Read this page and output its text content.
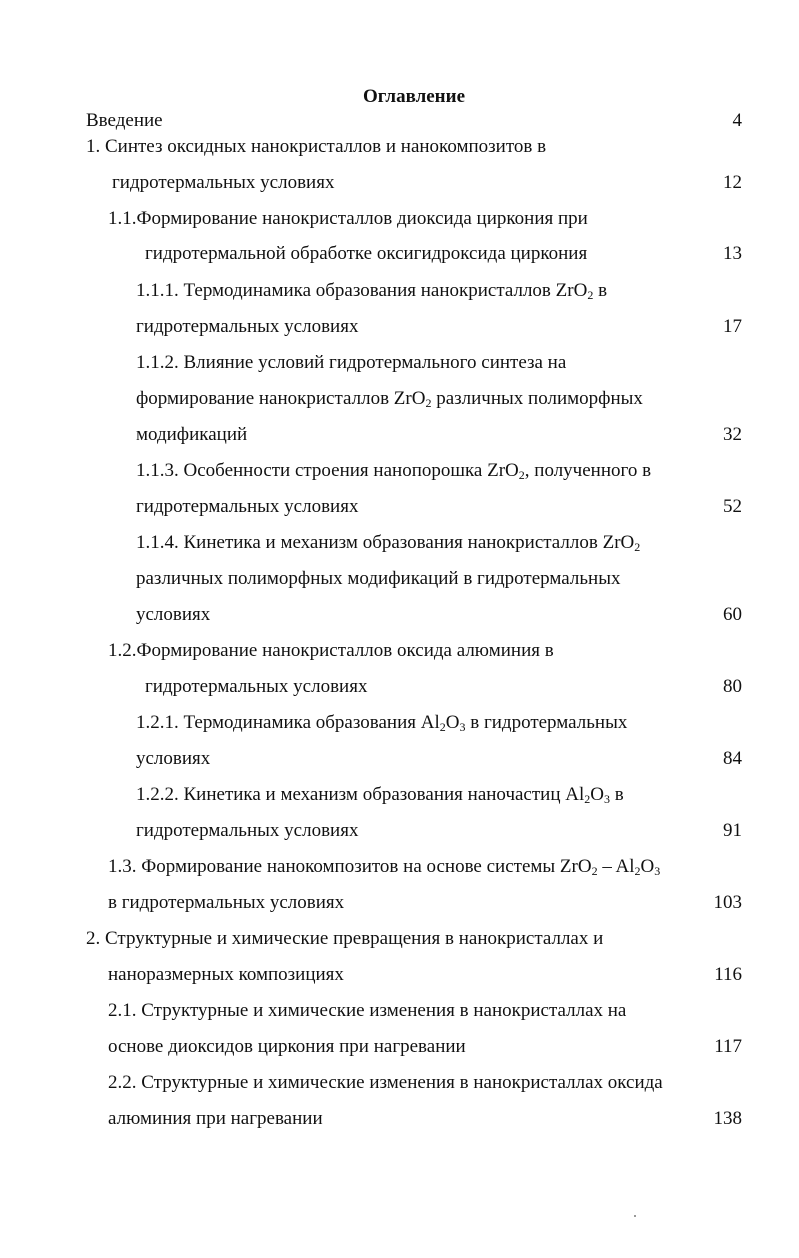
Оглавление
Введение	4
1. Синтез оксидных нанокристаллов и нанокомпозитов в
гидротермальных условиях	12
1.1.Формирование нанокристаллов диоксида циркония при
гидротермальной обработке оксигидроксида циркония	13
1.1.1. Термодинамика образования нанокристаллов ZrO$_2$ в
гидротермальных условиях	17
1.1.2. Влияние условий гидротермального синтеза на
формирование нанокристаллов ZrO$_2$ различных полиморфных
модификаций	32
1.1.3. Особенности строения нанопорошка ZrO$_2$, полученного в
гидротермальных условиях	52
1.1.4. Кинетика и механизм образования нанокристаллов ZrO$_2$
различных полиморфных модификаций в гидротермальных
условиях	60
1.2.Формирование нанокристаллов оксида алюминия в
гидротермальных условиях	80
1.2.1. Термодинамика образования $Al_2O_3$ в гидротермальных
условиях	84
1.2.2. Кинетика и механизм образования наночастиц $Al_2O_3$ в
гидротермальных условиях	91
1.3. Формирование нанокомпозитов на основе системы $ZrO_2 - Al_2O_3$
в гидротермальных условиях	103
2. Структурные и химические превращения в нанокристаллах и
наноразмерных композициях	116
2.1. Структурные и химические изменения в нанокристаллах на
основе диоксидов циркония при нагревании	117
2.2. Структурные и химические изменения в нанокристаллах оксида
алюминия при нагревании	138
